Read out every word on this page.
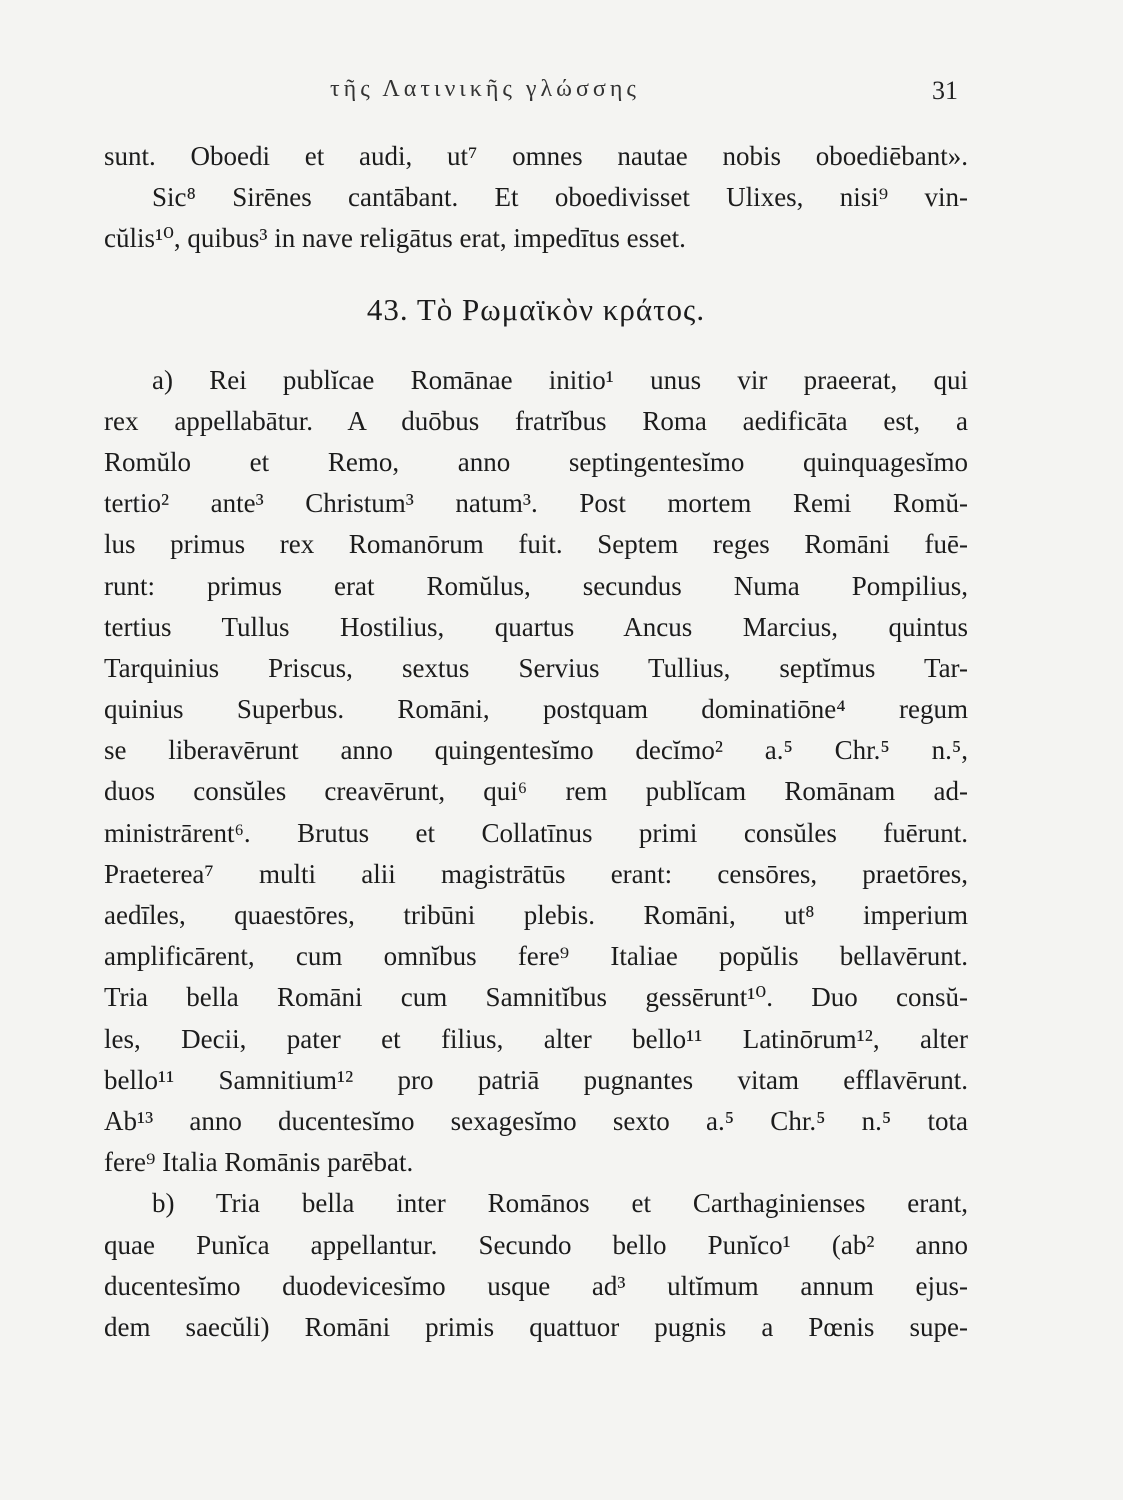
τῆς Λατινικῆς γλώσσης	31
sunt. Oboedi et audi, ut⁷ omnes nautae nobis oboediēbant».
Sic⁸ Sirēnes cantābant. Et oboedivisset Ulixes, nisi⁹ vin-
cŭlis¹⁰, quibus³ in nave religātus erat, impedītus esset.
43. Τὸ Ρωμαϊκὸν κράτος.
a) Rei publĭcae Romānae initio¹ unus vir praeerat, qui
rex appellabātur. A duōbus fratrĭbus Roma aedificāta est, a
Romŭlo et Remo, anno septingentesĭmo quinquagesĭmo
tertio² ante³ Christum³ natum³. Post mortem Remi Romŭ-
lus primus rex Romanōrum fuit. Septem reges Romāni fuē-
runt: primus erat Romŭlus, secundus Numa Pompilius,
tertius Tullus Hostilius, quartus Ancus Marcius, quintus
Tarquinius Priscus, sextus Servius Tullius, septĭmus Tar-
quinius Superbus. Romāni, postquam dominatiōne⁴ regum
se liberavērunt anno quingentesĭmo decĭmo² a.⁵ Chr.⁵ n.⁵,
duos consŭles creavērunt, qui⁶ rem publĭcam Romānam ad-
ministrārent⁶. Brutus et Collatīnus primi consŭles fuērunt.
Praeterea⁷ multi alii magistrātūs erant: censōres, praetōres,
aedīles, quaestōres, tribūni plebis. Romāni, ut⁸ imperium
amplificārent, cum omnĭbus fere⁹ Italiae popŭlis bellavērunt.
Tria bella Romāni cum Samnitĭbus gessērunt¹⁰. Duo consŭ-
les, Decii, pater et filius, alter bello¹¹ Latinōrum¹², alter
bello¹¹ Samnitium¹² pro patriā pugnantes vitam efflavērunt.
Ab¹³ anno ducentesĭmo sexagesĭmo sexto a.⁵ Chr.⁵ n.⁵ tota
fere⁹ Italia Romānis parēbat.
b) Tria bella inter Romānos et Carthaginienses erant,
quae Punĭca appellantur. Secundo bello Punĭco¹ (ab² anno
ducentesĭmo duodevicesĭmo usque ad³ ultĭmum annum ejus-
dem saecŭli) Romāni primis quattuor pugnis a Pœnis supe-
